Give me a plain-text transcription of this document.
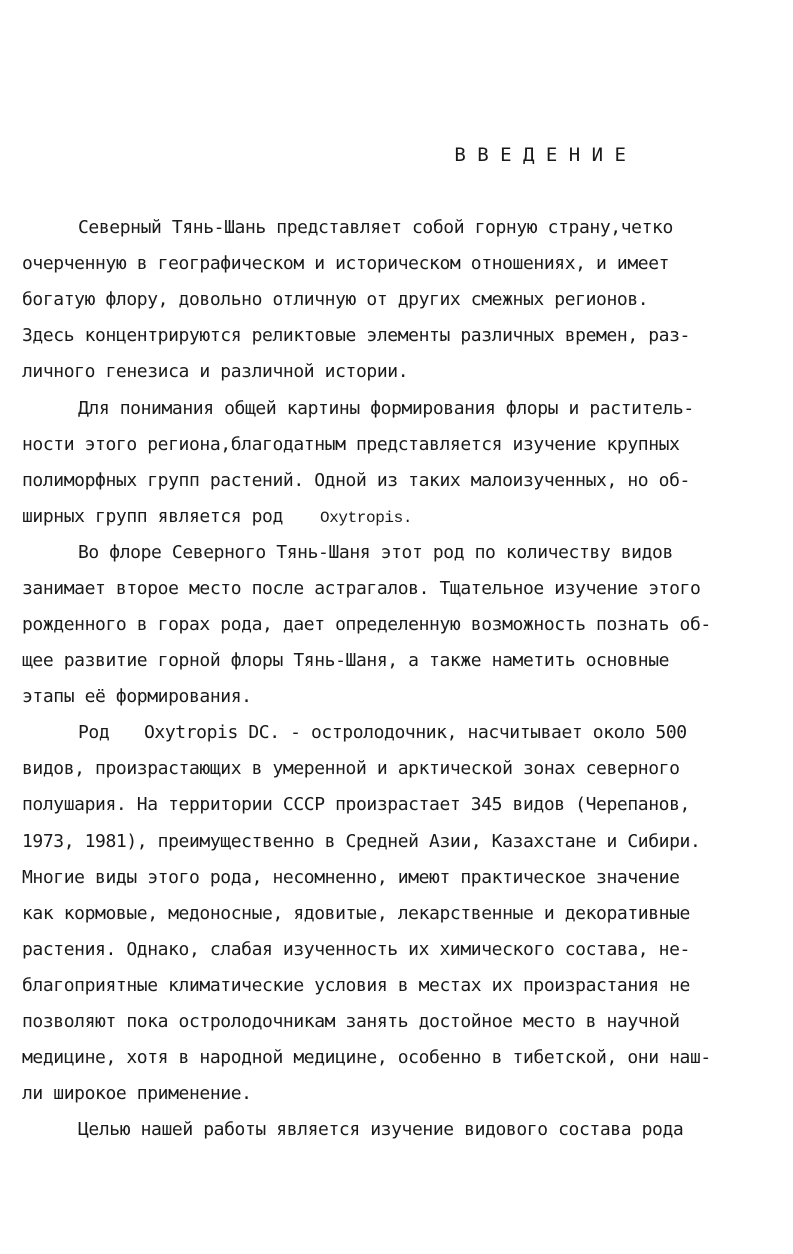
В В Е Д Е Н И Е
Северный Тянь-Шань представляет собой горную страну,четко
очерченную в географическом и историческом отношениях, и имеет
богатую флору, довольно отличную от других смежных регионов.
Здесь концентрируются реликтовые элементы различных времен, раз-
личного генезиса и различной истории.
Для понимания общей картины формирования флоры и раститель-
ности этого региона,благодатным представляется изучение крупных
полиморфных групп растений. Одной из таких малоизученных, но об-
ширных групп является род Oxytropis.
Во флоре Северного Тянь-Шаня этот род по количеству видов
занимает второе место после астрагалов. Тщательное изучение этого
рожденного в горах рода, дает определенную возможность познать об-
щее развитие горной флоры Тянь-Шаня, а также наметить основные
этапы её формирования.
Род Oxytropis DC. - остролодочник, насчитывает около 500
видов, произрастающих в умеренной и арктической зонах северного
полушария. На территории СССР произрастает 345 видов (Черепанов,
1973, 1981), преимущественно в Средней Азии, Казахстане и Сибири.
Многие виды этого рода, несомненно, имеют практическое значение
как кормовые, медоносные, ядовитые, лекарственные и декоративные
растения. Однако, слабая изученность их химического состава, не-
благоприятные климатические условия в местах их произрастания не
позволяют пока остролодочникам занять достойное место в научной
медицине, хотя в народной медицине, особенно в тибетской, они наш-
ли широкое применение.
Целью нашей работы является изучение видового состава рода
